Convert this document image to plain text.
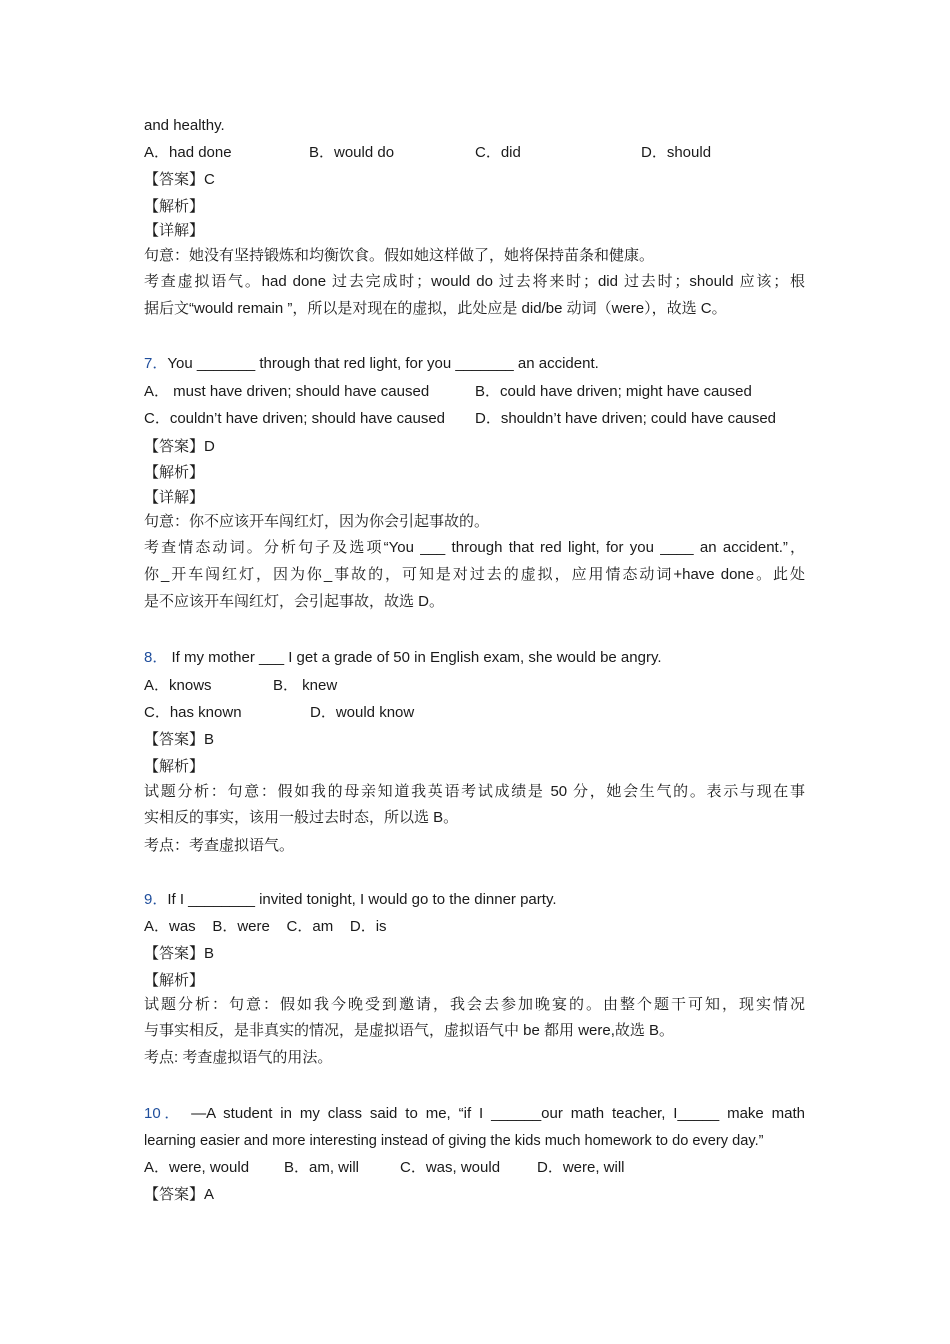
and healthy.
A．had done	B．would do	C．did	D．should
【答案】C
【解析】
【详解】
句意：她没有坚持锻炼和均衡饮食。假如她这样做了，她将保持苗条和健康。
考查虚拟语气。had done 过去完成时；would do 过去将来时；did 过去时；should 应该；根
据后文“would remain ”，所以是对现在的虚拟，此处应是 did/be 动词（were），故选 C。
7．You _______ through that red light, for you _______ an accident.
A． must have driven; should have caused	B．could have driven; might have caused
C．couldn’t have driven; should have caused D．shouldn’t have driven; could have caused
【答案】D
【解析】
【详解】
句意：你不应该开车闯红灯，因为你会引起事故的。
考查情态动词。分析句子及选项“You ___ through that red light, for you ____ an accident.”，
你_开车闯红灯，因为你_事故的，可知是对过去的虚拟，应用情态动词+have done。此处
是不应该开车闯红灯，会引起事故，故选 D。
8． If my mother ___ I get a grade of 50 in English exam, she would be angry.
A．knows	B． knew
C．has known	D．would know
【答案】B
【解析】
试题分析：句意：假如我的母亲知道我英语考试成绩是 50 分，她会生气的。表示与现在事
实相反的事实，该用一般过去时态，所以选 B。
考点：考查虚拟语气。
9．If I ________ invited tonight, I would go to the dinner party.
A．was    B．were    C．am    D．is
【答案】B
【解析】
试题分析：句意：假如我今晚受到邀请，我会去参加晚宴的。由整个题干可知，现实情况
与事实相反，是非真实的情况，是虚拟语气，虚拟语气中 be 都用 were,故选 B。
考点: 考查虚拟语气的用法。
10． —A student in my class said to me, “if I ______our math teacher, I_____ make math
learning easier and more interesting instead of giving the kids much homework to do every day.”
A．were, would B．am, will	C．was, would D．were, will
【答案】A
